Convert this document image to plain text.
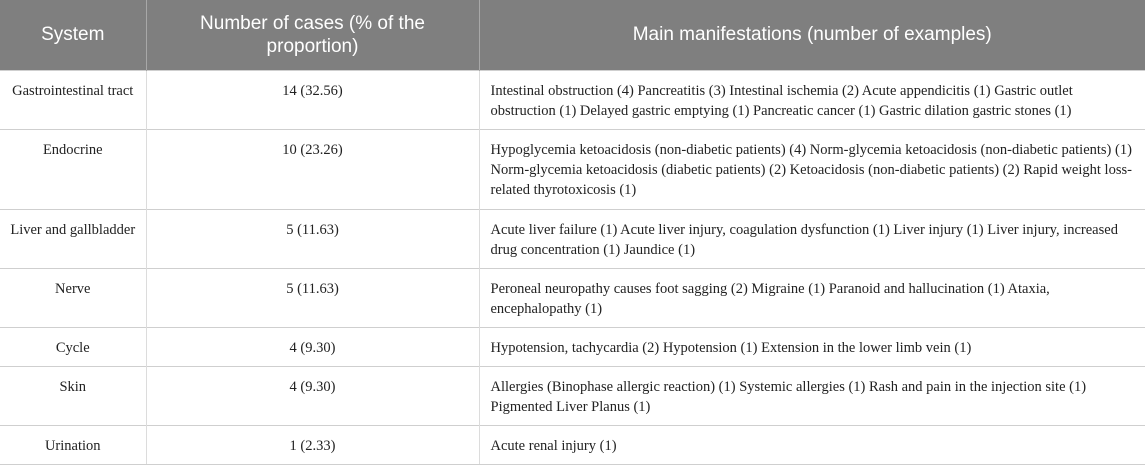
System	Number of cases (% of the proportion)	Main manifestations (number of examples)
Gastrointestinal tract	14 (32.56)	Intestinal obstruction (4) Pancreatitis (3) Intestinal ischemia (2) Acute appendicitis (1) Gastric outlet obstruction (1) Delayed gastric emptying (1) Pancreatic cancer (1) Gastric dilation gastric stones (1)
Endocrine	10 (23.26)	Hypoglycemia ketoacidosis (non-diabetic patients) (4) Norm-glycemia ketoacidosis (non-diabetic patients) (1) Norm-glycemia ketoacidosis (diabetic patients) (2) Ketoacidosis (non-diabetic patients) (2) Rapid weight loss-related thyrotoxicosis (1)
Liver and gallbladder	5 (11.63)	Acute liver failure (1) Acute liver injury, coagulation dysfunction (1) Liver injury (1) Liver injury, increased drug concentration (1) Jaundice (1)
Nerve	5 (11.63)	Peroneal neuropathy causes foot sagging (2) Migraine (1) Paranoid and hallucination (1) Ataxia, encephalopathy (1)
Cycle	4 (9.30)	Hypotension, tachycardia (2) Hypotension (1) Extension in the lower limb vein (1)
Skin	4 (9.30)	Allergies (Binophase allergic reaction) (1) Systemic allergies (1) Rash and pain in the injection site (1) Pigmented Liver Planus (1)
Urination	1 (2.33)	Acute renal injury (1)
